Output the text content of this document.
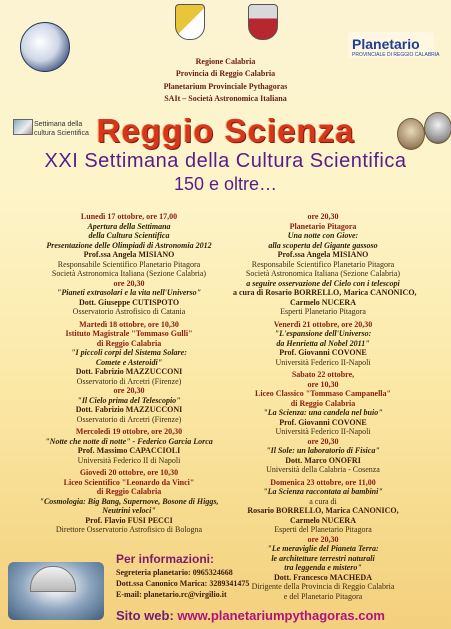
Planetario
PROVINCIALE DI REGGIO CALABRIA
Regione Calabria
Provincia di Reggio Calabria
Planetarium Provinciale Pythagoras
SAIt – Società Astronomica Italiana
Settimana della cultura Scientifica Reggio Scienza
XXI Settimana della Cultura Scientifica
150 e oltre…
Lunedì 17 ottobre, ore 17,00
Apertura della Settimana
della Cultura Scientifica
Presentazione delle Olimpiadi di Astronomia 2012
Prof.ssa Angela MISIANO
Responsabile Scientifico Planetario Pitagora
Società Astronomica Italiana (Sezione Calabria)
ore 20,30
"Pianeti extrasolari e la vita nell'Universo"
Dott. Giuseppe CUTISPOTO
Osservatorio Astrofisico di Catania
Martedì 18 ottobre, ore 10,30
Istituto Magistrale "Tommaso Gulli"
di Reggio Calabria
"I piccoli corpi del Sistema Solare:
Comete e Asteroidi"
Dott. Fabrizio MAZZUCCONI
Osservatorio di Arcetri (Firenze)
ore 20,30
"Il Cielo prima del Telescopio"
Dott. Fabrizio MAZZUCCONI
Osservatorio di Arcetri (Firenze)
Mercoledì 19 ottobre, ore 20,30
"Notte che notte di notte" - Federico Garcia Lorca
Prof. Massimo CAPACCIOLI
Università Federico II di Napoli
Giovedì 20 ottobre, ore 10,30
Liceo Scientifico "Leonardo da Vinci"
di Reggio Calabria
"Cosmologia: Big Bang, Supernove, Bosone di Higgs,
Neutrini veloci"
Prof. Flavio FUSI PECCI
Direttore Osservatorio Astrofisico di Bologna
ore 20,30
Planetario Pitagora
Una notte con Giove:
alla scoperta del Gigante gassoso
Prof.ssa Angela MISIANO
Responsabile Scientifico Planetario Pitagora
Società Astronomica Italiana (Sezione Calabria)
a seguire osservazione del Cielo con i telescopi
a cura di Rosario BORRELLO, Marica CANONICO,
Carmelo NUCERA
Esperti Planetario Pitagora
Venerdì 21 ottobre, ore 20,30
"L'espansione dell'Universo:
da Henrietta al Nobel 2011"
Prof. Giovanni COVONE
Università Federico II-Napoli
Sabato 22 ottobre,
ore 10,30
Liceo Classico "Tommaso Campanella"
di Reggio Calabria
"La Scienza: una candela nel buio"
Prof. Giovanni COVONE
Università Federico II-Napoli
ore 20,30
"Il Sole: un laboratorio di Fisica"
Dott. Marco ONOFRI
Università della Calabria - Cosenza
Domenica 23 ottobre, ore 11,00
"La Scienza raccontata ai bambini"
a cura di
Rosario BORRELLO, Marica CANONICO,
Carmelo NUCERA
Esperti del Planetario Pitagora
ore 20,30
"Le meraviglie del Pianeta Terra:
le architetture terrestri naturali
tra leggenda e mistero"
Dott. Francesco MACHEDA
Dirigente della Provincia di Reggio Calabria
e del Planetario Pitagora
Per informazioni:
Segreteria planetario: 0965324668
Dott.ssa Canonico Marica: 3289341475
E-mail: planetario.rc@virgilio.it
Sito web: www.planetariumpythagoras.com
